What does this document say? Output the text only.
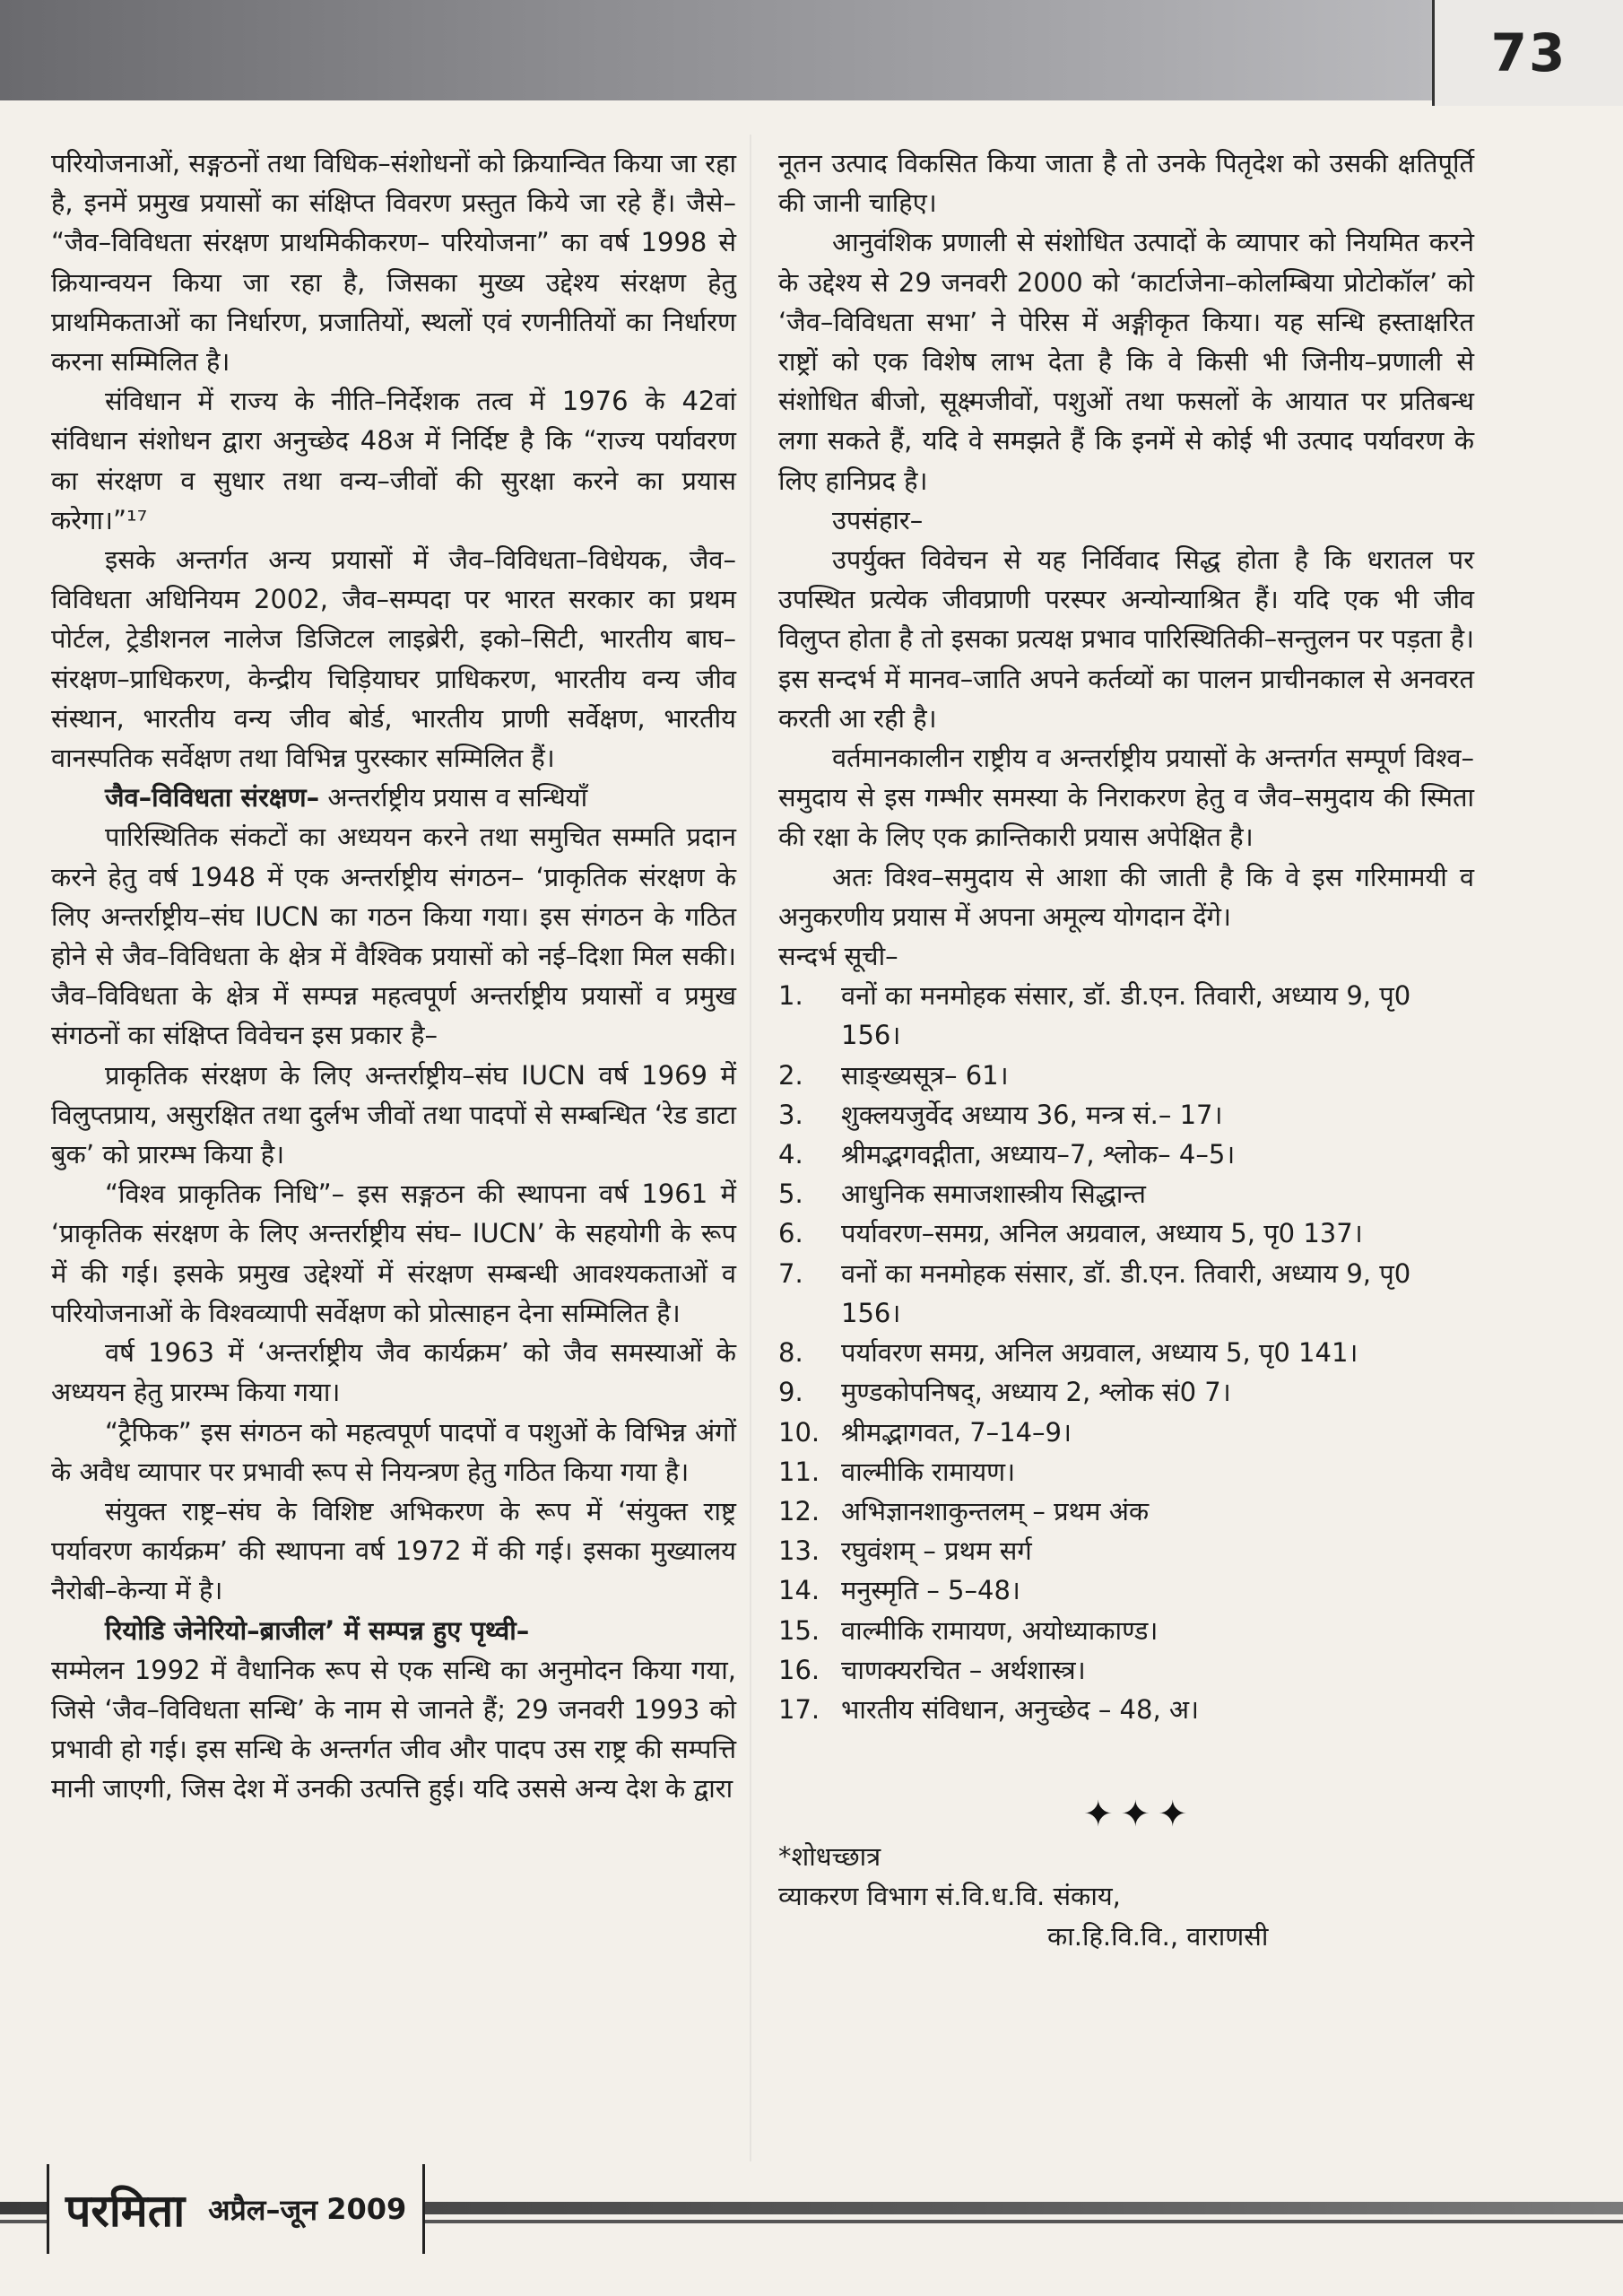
73

परियोजनाओं, सङ्गठनों तथा विधिक–संशोधनों को क्रियान्वित किया जा रहा है, इनमें प्रमुख प्रयासों का संक्षिप्त विवरण प्रस्तुत किये जा रहे हैं। जैसे– “जैव–विविधता संरक्षण प्राथमिकीकरण– परियोजना” का वर्ष 1998 से क्रियान्वयन किया जा रहा है, जिसका मुख्य उद्देश्य संरक्षण हेतु प्राथमिकताओं का निर्धारण, प्रजातियों, स्थलों एवं रणनीतियों का निर्धारण करना सम्मिलित है।

संविधान में राज्य के नीति–निर्देशक तत्व में 1976 के 42वां संविधान संशोधन द्वारा अनुच्छेद 48अ में निर्दिष्ट है कि “राज्य पर्यावरण का संरक्षण व सुधार तथा वन्य–जीवों की सुरक्षा करने का प्रयास करेगा।”¹⁷

इसके अन्तर्गत अन्य प्रयासों में जैव–विविधता–विधेयक, जैव–विविधता अधिनियम 2002, जैव–सम्पदा पर भारत सरकार का प्रथम पोर्टल, ट्रेडीशनल नालेज डिजिटल लाइब्रेरी, इको–सिटी, भारतीय बाघ–संरक्षण–प्राधिकरण, केन्द्रीय चिड़ियाघर प्राधिकरण, भारतीय वन्य जीव संस्थान, भारतीय वन्य जीव बोर्ड, भारतीय प्राणी सर्वेक्षण, भारतीय वानस्पतिक सर्वेक्षण तथा विभिन्न पुरस्कार सम्मिलित हैं।

जैव–विविधता संरक्षण– अन्तर्राष्ट्रीय प्रयास व सन्धियाँ

पारिस्थितिक संकटों का अध्ययन करने तथा समुचित सम्मति प्रदान करने हेतु वर्ष 1948 में एक अन्तर्राष्ट्रीय संगठन– ‘प्राकृतिक संरक्षण के लिए अन्तर्राष्ट्रीय–संघ IUCN का गठन किया गया। इस संगठन के गठित होने से जैव–विविधता के क्षेत्र में वैश्विक प्रयासों को नई–दिशा मिल सकी। जैव–विविधता के क्षेत्र में सम्पन्न महत्वपूर्ण अन्तर्राष्ट्रीय प्रयासों व प्रमुख संगठनों का संक्षिप्त विवेचन इस प्रकार है–

प्राकृतिक संरक्षण के लिए अन्तर्राष्ट्रीय–संघ IUCN वर्ष 1969 में विलुप्तप्राय, असुरक्षित तथा दुर्लभ जीवों तथा पादपों से सम्बन्धित ‘रेड डाटा बुक’ को प्रारम्भ किया है।

“विश्व प्राकृतिक निधि”– इस सङ्गठन की स्थापना वर्ष 1961 में ‘प्राकृतिक संरक्षण के लिए अन्तर्राष्ट्रीय संघ– IUCN’ के सहयोगी के रूप में की गई। इसके प्रमुख उद्देश्यों में संरक्षण सम्बन्धी आवश्यकताओं व परियोजनाओं के विश्वव्यापी सर्वेक्षण को प्रोत्साहन देना सम्मिलित है।

वर्ष 1963 में ‘अन्तर्राष्ट्रीय जैव कार्यक्रम’ को जैव समस्याओं के अध्ययन हेतु प्रारम्भ किया गया।

“ट्रैफिक” इस संगठन को महत्वपूर्ण पादपों व पशुओं के विभिन्न अंगों के अवैध व्यापार पर प्रभावी रूप से नियन्त्रण हेतु गठित किया गया है।

संयुक्त राष्ट्र–संघ के विशिष्ट अभिकरण के रूप में ‘संयुक्त राष्ट्र पर्यावरण कार्यक्रम’ की स्थापना वर्ष 1972 में की गई। इसका मुख्यालय नैरोबी–केन्या में है।

रियोडि जेनेरियो–ब्राजील’ में सम्पन्न हुए पृथ्वी–

सम्मेलन 1992 में वैधानिक रूप से एक सन्धि का अनुमोदन किया गया, जिसे ‘जैव–विविधता सन्धि’ के नाम से जानते हैं; 29 जनवरी 1993 को प्रभावी हो गई। इस सन्धि के अन्तर्गत जीव और पादप उस राष्ट्र की सम्पत्ति मानी जाएगी, जिस देश में उनकी उत्पत्ति हुई। यदि उससे अन्य देश के द्वारा

नूतन उत्पाद विकसित किया जाता है तो उनके पितृदेश को उसकी क्षतिपूर्ति की जानी चाहिए।

आनुवंशिक प्रणाली से संशोधित उत्पादों के व्यापार को नियमित करने के उद्देश्य से 29 जनवरी 2000 को ‘कार्टाजेना–कोलम्बिया प्रोटोकॉल’ को ‘जैव–विविधता सभा’ ने पेरिस में अङ्गीकृत किया। यह सन्धि हस्ताक्षरित राष्ट्रों को एक विशेष लाभ देता है कि वे किसी भी जिनीय–प्रणाली से संशोधित बीजो, सूक्ष्मजीवों, पशुओं तथा फसलों के आयात पर प्रतिबन्ध लगा सकते हैं, यदि वे समझते हैं कि इनमें से कोई भी उत्पाद पर्यावरण के लिए हानिप्रद है।

उपसंहार–

उपर्युक्त विवेचन से यह निर्विवाद सिद्ध होता है कि धरातल पर उपस्थित प्रत्येक जीवप्राणी परस्पर अन्योन्याश्रित हैं। यदि एक भी जीव विलुप्त होता है तो इसका प्रत्यक्ष प्रभाव पारिस्थितिकी–सन्तुलन पर पड़ता है। इस सन्दर्भ में मानव–जाति अपने कर्तव्यों का पालन प्राचीनकाल से अनवरत करती आ रही है।

वर्तमानकालीन राष्ट्रीय व अन्तर्राष्ट्रीय प्रयासों के अन्तर्गत सम्पूर्ण विश्व–समुदाय से इस गम्भीर समस्या के निराकरण हेतु व जैव–समुदाय की स्मिता की रक्षा के लिए एक क्रान्तिकारी प्रयास अपेक्षित है।

अतः विश्व–समुदाय से आशा की जाती है कि वे इस गरिमामयी व अनुकरणीय प्रयास में अपना अमूल्य योगदान देंगे।

सन्दर्भ सूची–

1. वनों का मनमोहक संसार, डॉ. डी.एन. तिवारी, अध्याय 9, पृ0 156।
2. साङ्ख्यसूत्र– 61।
3. शुक्लयजुर्वेद अध्याय 36, मन्त्र सं.– 17।
4. श्रीमद्भगवद्गीता, अध्याय–7, श्लोक– 4–5।
5. आधुनिक समाजशास्त्रीय सिद्धान्त
6. पर्यावरण–समग्र, अनिल अग्रवाल, अध्याय 5, पृ0 137।
7. वनों का मनमोहक संसार, डॉ. डी.एन. तिवारी, अध्याय 9, पृ0 156।
8. पर्यावरण समग्र, अनिल अग्रवाल, अध्याय 5, पृ0 141।
9. मुण्डकोपनिषद्, अध्याय 2, श्लोक सं0 7।
10. श्रीमद्भागवत, 7–14–9।
11. वाल्मीकि रामायण।
12. अभिज्ञानशाकुन्तलम् – प्रथम अंक
13. रघुवंशम् – प्रथम सर्ग
14. मनुस्मृति – 5–48।
15. वाल्मीकि रामायण, अयोध्याकाण्ड।
16. चाणक्यरचित – अर्थशास्त्र।
17. भारतीय संविधान, अनुच्छेद – 48, अ।
✦✦✦

*शोधच्छात्र

व्याकरण विभाग सं.वि.ध.वि. संकाय,

का.हि.वि.वि., वाराणसी

परमिता अप्रैल–जून
2009
